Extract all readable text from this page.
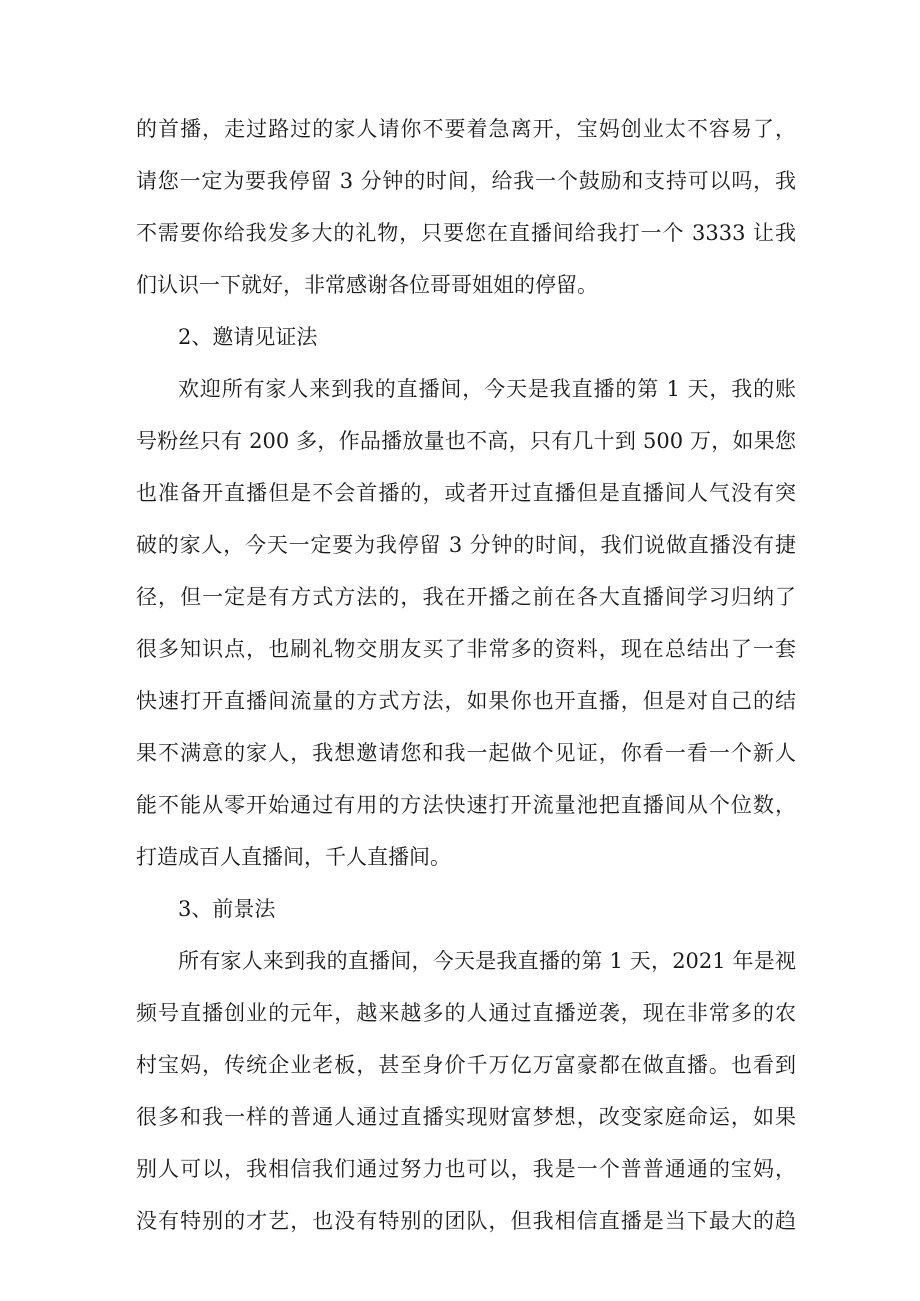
的首播，走过路过的家人请你不要着急离开，宝妈创业太不容易了，
请您一定为要我停留 3 分钟的时间，给我一个鼓励和支持可以吗，我
不需要你给我发多大的礼物，只要您在直播间给我打一个 3333 让我
们认识一下就好，非常感谢各位哥哥姐姐的停留。
2、邀请见证法
欢迎所有家人来到我的直播间，今天是我直播的第 1 天，我的账
号粉丝只有 200 多，作品播放量也不高，只有几十到 500 万，如果您
也准备开直播但是不会首播的，或者开过直播但是直播间人气没有突
破的家人，今天一定要为我停留 3 分钟的时间，我们说做直播没有捷
径，但一定是有方式方法的，我在开播之前在各大直播间学习归纳了
很多知识点，也刷礼物交朋友买了非常多的资料，现在总结出了一套
快速打开直播间流量的方式方法，如果你也开直播，但是对自己的结
果不满意的家人，我想邀请您和我一起做个见证，你看一看一个新人
能不能从零开始通过有用的方法快速打开流量池把直播间从个位数，
打造成百人直播间，千人直播间。
3、前景法
所有家人来到我的直播间，今天是我直播的第 1 天，2021 年是视
频号直播创业的元年，越来越多的人通过直播逆袭，现在非常多的农
村宝妈，传统企业老板，甚至身价千万亿万富豪都在做直播。也看到
很多和我一样的普通人通过直播实现财富梦想，改变家庭命运，如果
别人可以，我相信我们通过努力也可以，我是一个普普通通的宝妈，
没有特别的才艺，也没有特别的团队，但我相信直播是当下最大的趋
